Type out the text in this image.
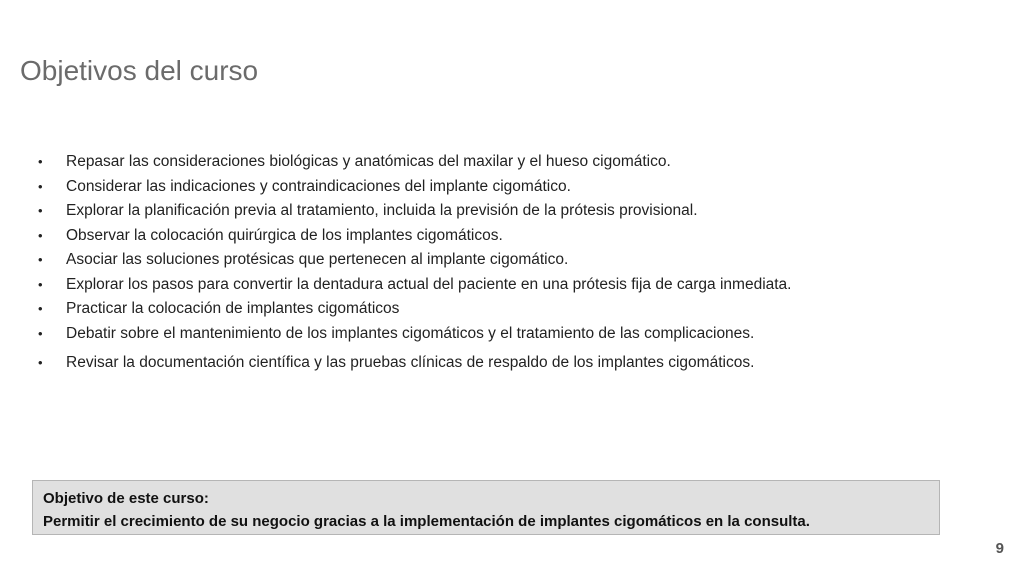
Objetivos del curso
• Repasar las consideraciones biológicas y anatómicas del maxilar y el hueso cigomático.
• Considerar las indicaciones y contraindicaciones del implante cigomático.
• Explorar la planificación previa al tratamiento, incluida la previsión de la prótesis provisional.
• Observar la colocación quirúrgica de los implantes cigomáticos.
• Asociar las soluciones protésicas que pertenecen al implante cigomático.
• Explorar los pasos para convertir la dentadura actual del paciente en una prótesis fija de carga inmediata.
• Practicar la colocación de implantes cigomáticos
• Debatir sobre el mantenimiento de los implantes cigomáticos y el tratamiento de las complicaciones.
• Revisar la documentación científica y las pruebas clínicas de respaldo de los implantes cigomáticos.
Objetivo de este curso:
Permitir el crecimiento de su negocio gracias a la implementación de implantes cigomáticos en la consulta.
9
